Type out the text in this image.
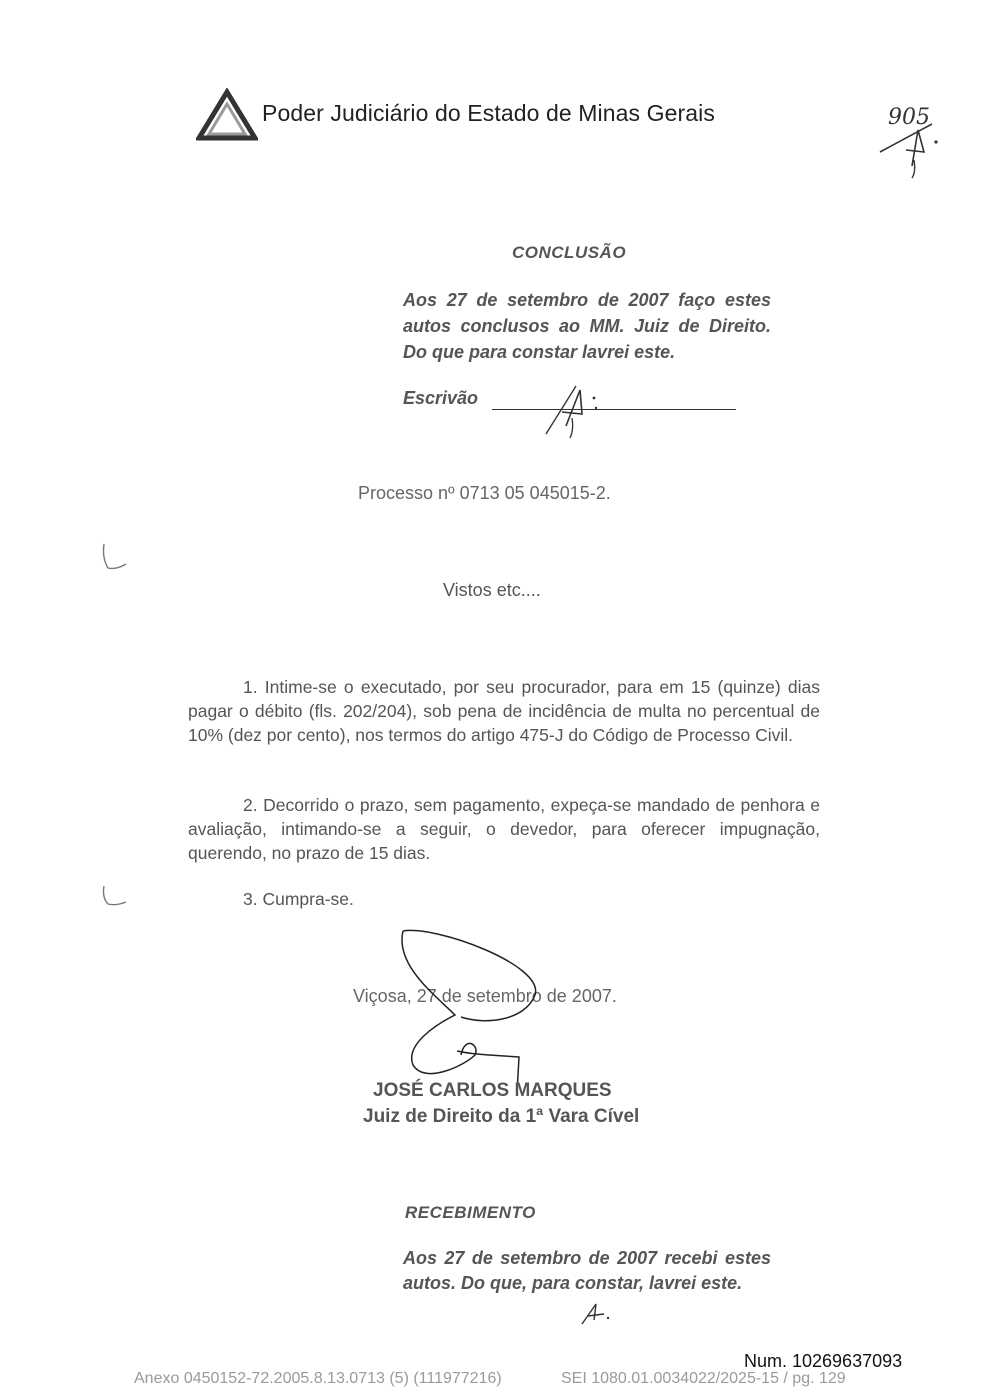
Poder Judiciário do Estado de Minas Gerais	905
CONCLUSÃO
Aos 27 de setembro de 2007 faço estes autos conclusos ao MM. Juiz de Direito. Do que para constar lavrei este.
Escrivão
Processo nº 0713 05 045015-2.
Vistos etc....
1. Intime-se o executado, por seu procurador, para em 15 (quinze) dias pagar o débito (fls. 202/204), sob pena de incidência de multa no percentual de 10% (dez por cento), nos termos do artigo 475-J do Código de Processo Civil.
2. Decorrido o prazo, sem pagamento, expeça-se mandado de penhora e avaliação, intimando-se a seguir, o devedor, para oferecer impugnação, querendo, no prazo de 15 dias.
3. Cumpra-se.
Viçosa, 27 de setembro de 2007.
JOSÉ CARLOS MARQUES
Juiz de Direito da 1ª Vara Cível
RECEBIMENTO
Aos 27 de setembro de 2007 recebi estes autos. Do que, para constar, lavrei este.
Num. 10269637093
Anexo 0450152-72.2005.8.13.0713 (5) (111977216)	SEI 1080.01.0034022/2025-15 / pg. 129
